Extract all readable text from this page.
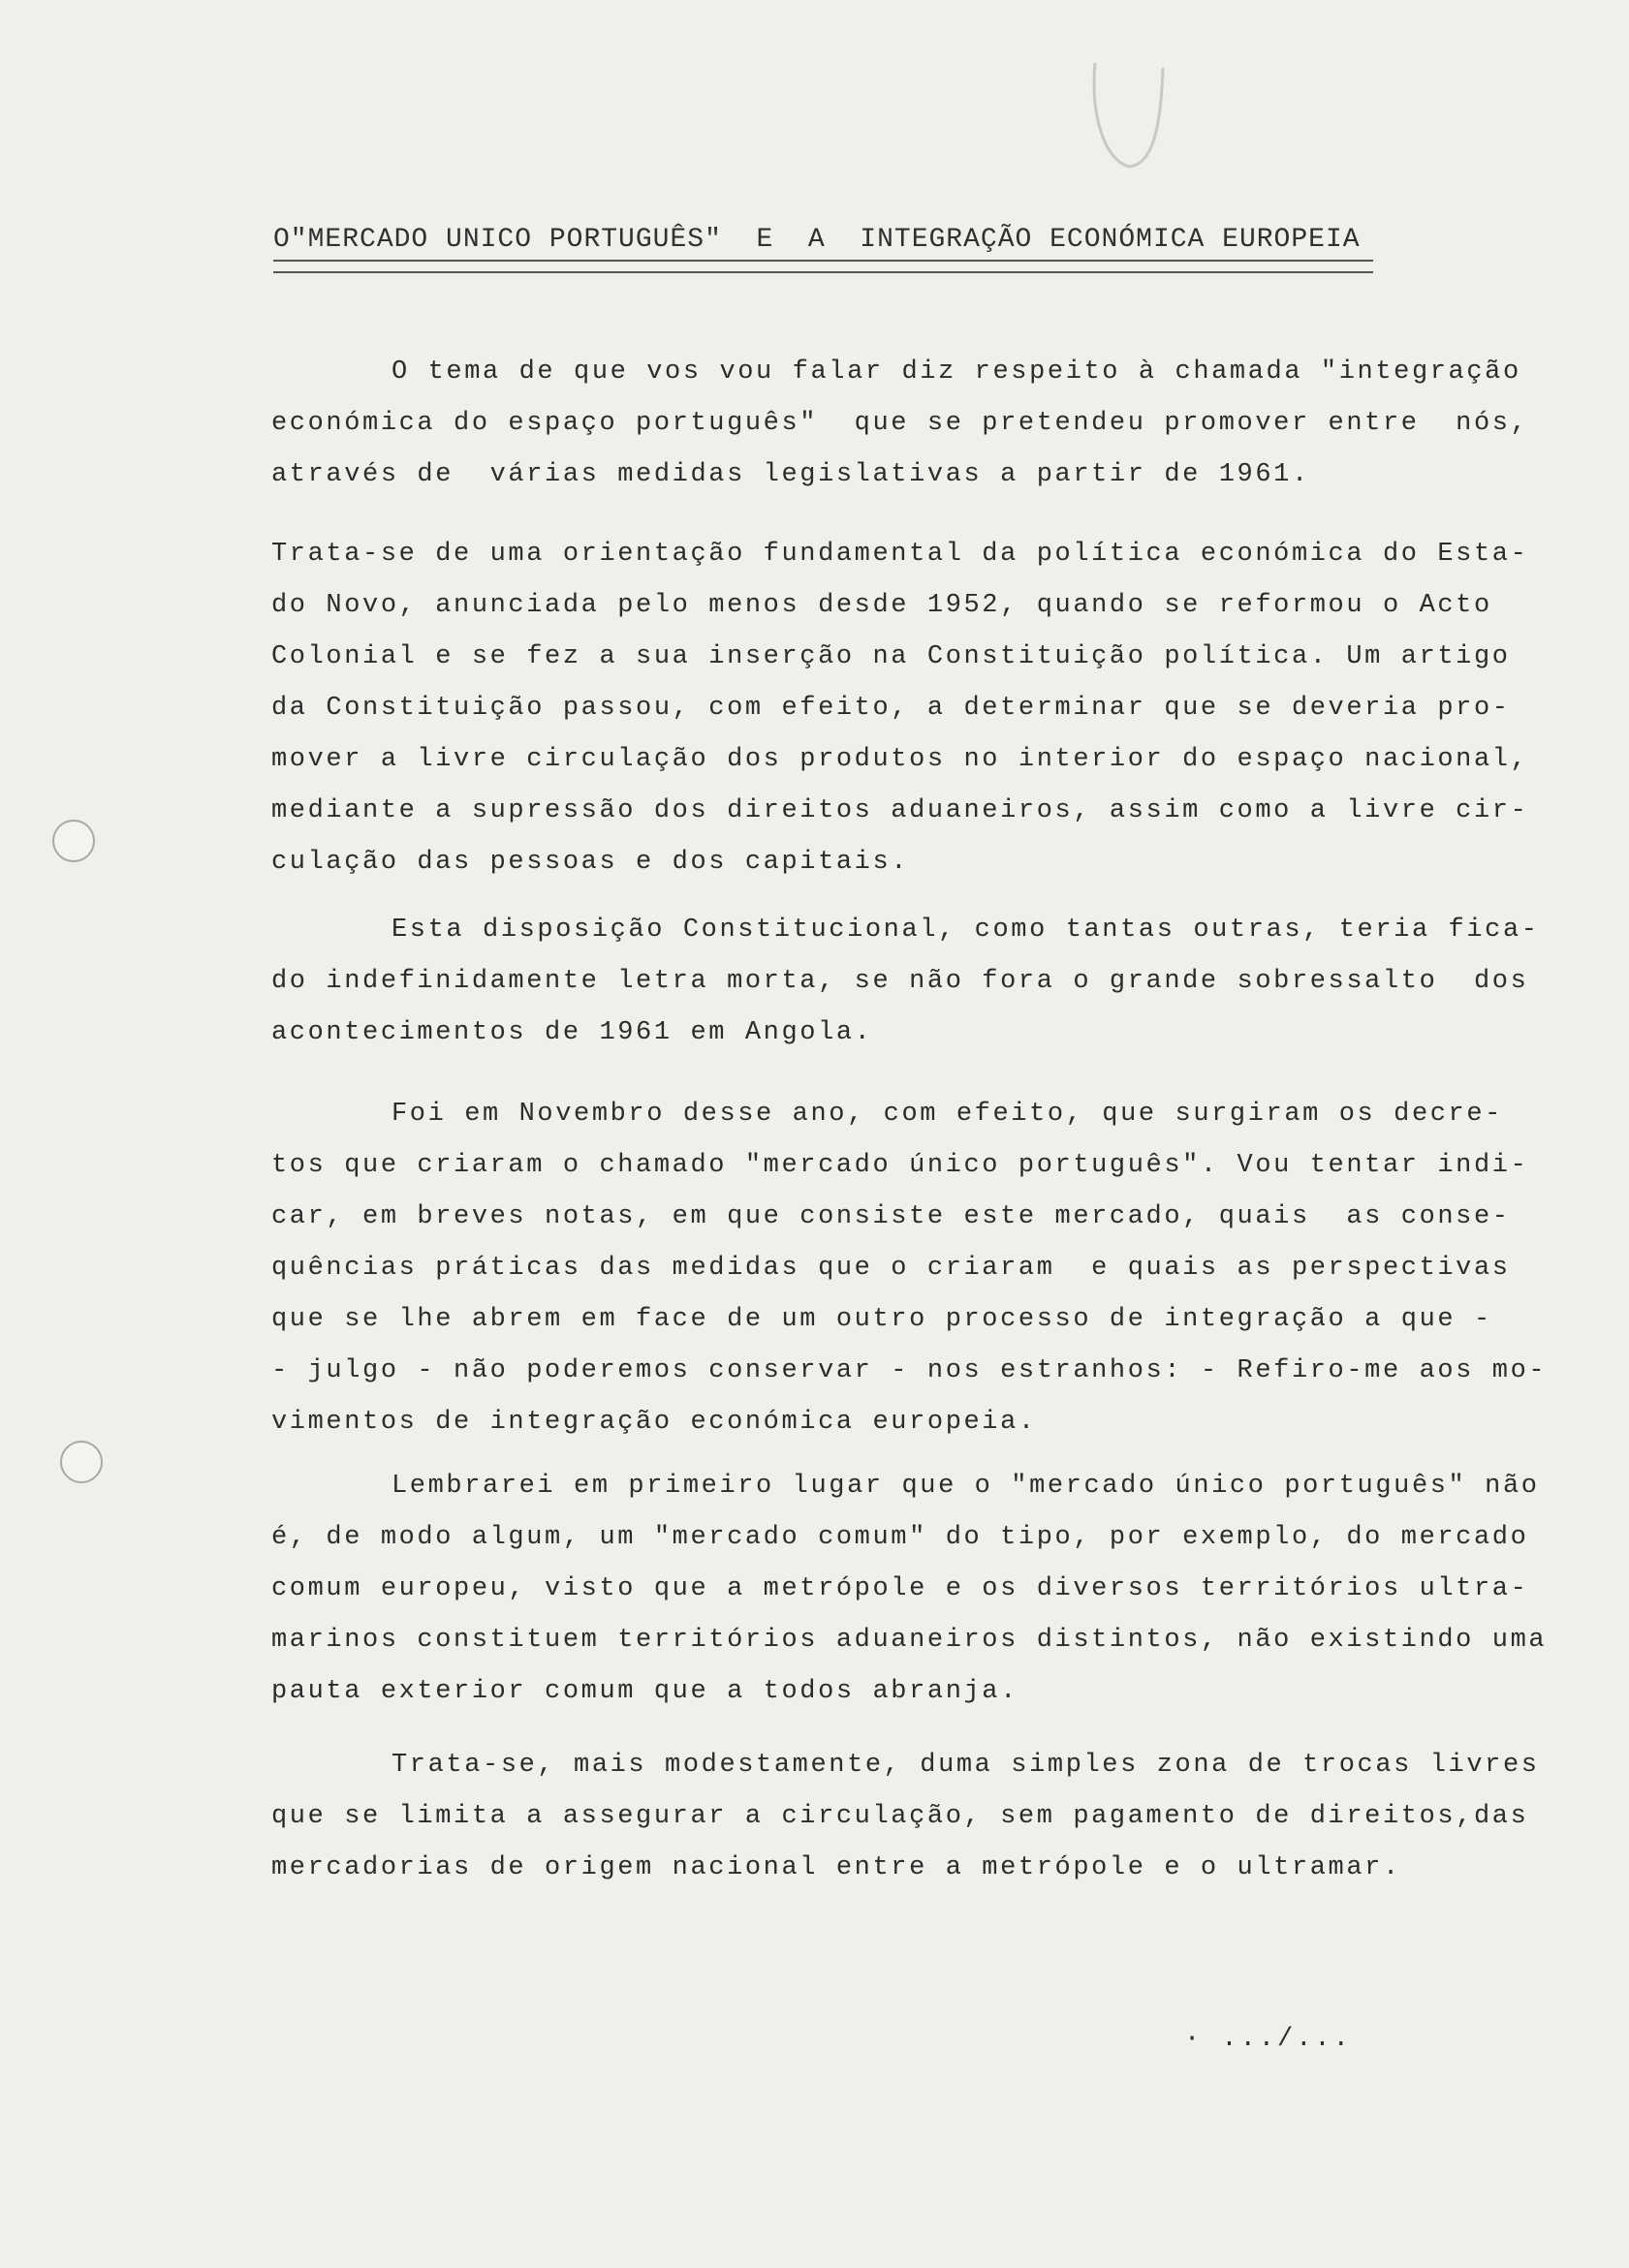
O"MERCADO UNICO PORTUGUÊS"  E  A  INTEGRAÇÃO ECONÓMICA EUROPEIA
O tema de que vos vou falar diz respeito à chamada "integração
económica do espaço português"  que se pretendeu promover entre  nós,
através de  várias medidas legislativas a partir de 1961.
Trata-se de uma orientação fundamental da política económica do Esta-
do Novo, anunciada pelo menos desde 1952, quando se reformou o Acto
Colonial e se fez a sua inserção na Constituição política. Um artigo
da Constituição passou, com efeito, a determinar que se deveria pro-
mover a livre circulação dos produtos no interior do espaço nacional,
mediante a supressão dos direitos aduaneiros, assim como a livre cir-
culação das pessoas e dos capitais.
Esta disposição Constitucional, como tantas outras, teria fica-
do indefinidamente letra morta, se não fora o grande sobressalto  dos
acontecimentos de 1961 em Angola.
Foi em Novembro desse ano, com efeito, que surgiram os decre-
tos que criaram o chamado "mercado único português". Vou tentar indi-
car, em breves notas, em que consiste este mercado, quais  as conse-
quências práticas das medidas que o criaram  e quais as perspectivas
que se lhe abrem em face de um outro processo de integração a que -
- julgo - não poderemos conservar - nos estranhos: - Refiro-me aos mo-
vimentos de integração económica europeia.
Lembrarei em primeiro lugar que o "mercado único português" não
é, de modo algum, um "mercado comum" do tipo, por exemplo, do mercado
comum europeu, visto que a metrópole e os diversos territórios ultra-
marinos constituem territórios aduaneiros distintos, não existindo uma
pauta exterior comum que a todos abranja.
Trata-se, mais modestamente, duma simples zona de trocas livres
que se limita a assegurar a circulação, sem pagamento de direitos,das
mercadorias de origem nacional entre a metrópole e o ultramar.
· .../...
